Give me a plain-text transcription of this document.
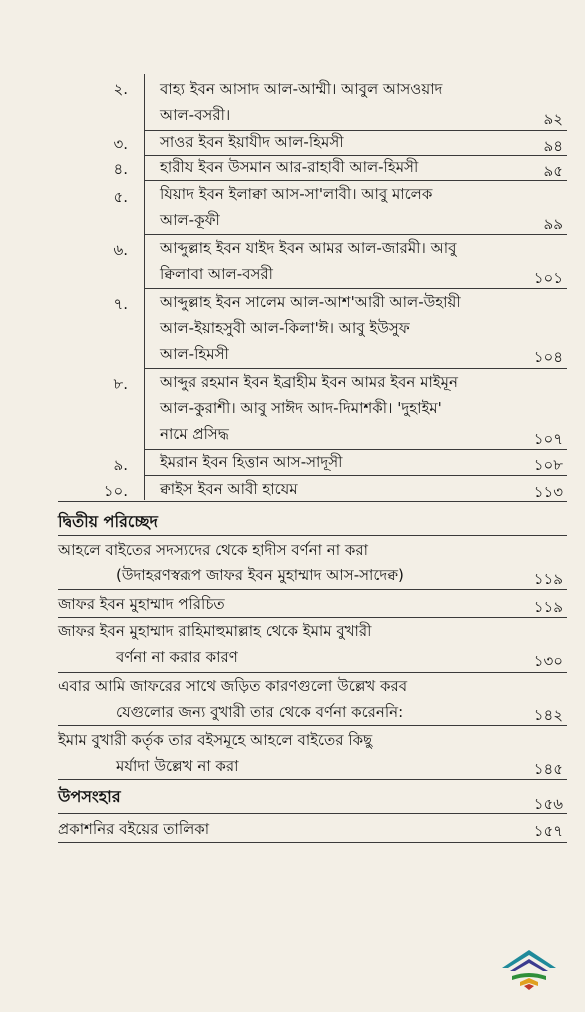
২. বাহ্য ইবন আসাদ আল-আম্মী। আবুল আসওয়াদ
আল-বসরী।	৯২
৩. সাওর ইবন ইয়াযীদ আল-হিমসী	৯৪
৪. হারীয ইবন উসমান আর-রাহাবী আল-হিমসী	৯৫
৫. যিয়াদ ইবন ইলাক্বা আস-সা'লাবী। আবু মালেক
আল-কূফী	৯৯
৬. আব্দুল্লাহ ইবন যাইদ ইবন আমর আল-জারমী। আবু
ক্বিলাবা আল-বসরী	১০১
৭. আব্দুল্লাহ ইবন সালেম আল-আশ'আরী আল-উহায়ী
আল-ইয়াহসুবী আল-কিলা'ঈ। আবু ইউসুফ
আল-হিমসী	১০৪
৮. আব্দুর রহমান ইবন ইব্রাহীম ইবন আমর ইবন মাইমূন
আল-কুরাশী। আবু সাঈদ আদ-দিমাশকী। 'দুহাইম'
নামে প্রসিদ্ধ	১০৭
৯. ইমরান ইবন হিত্তান আস-সাদূসী	১০৮
১০. ক্বাইস ইবন আবী হাযেম	১১৩
দ্বিতীয় পরিচ্ছেদ
আহলে বাইতের সদস্যদের থেকে হাদীস বর্ণনা না করা
(উদাহরণস্বরূপ জাফর ইবন মুহাম্মাদ আস-সাদেক্ব)	১১৯
জাফর ইবন মুহাম্মাদ পরিচিত	১১৯
জাফর ইবন মুহাম্মাদ রাহিমাহুমাল্লাহ থেকে ইমাম বুখারী
বর্ণনা না করার কারণ	১৩০
এবার আমি জাফরের সাথে জড়িত কারণগুলো উল্লেখ করব
যেগুলোর জন্য বুখারী তার থেকে বর্ণনা করেননি:	১৪২
ইমাম বুখারী কর্তৃক তার বইসমূহে আহলে বাইতের কিছু
মর্যাদা উল্লেখ না করা	১৪৫
উপসংহার	১৫৬
প্রকাশনির বইয়ের তালিকা	১৫৭
